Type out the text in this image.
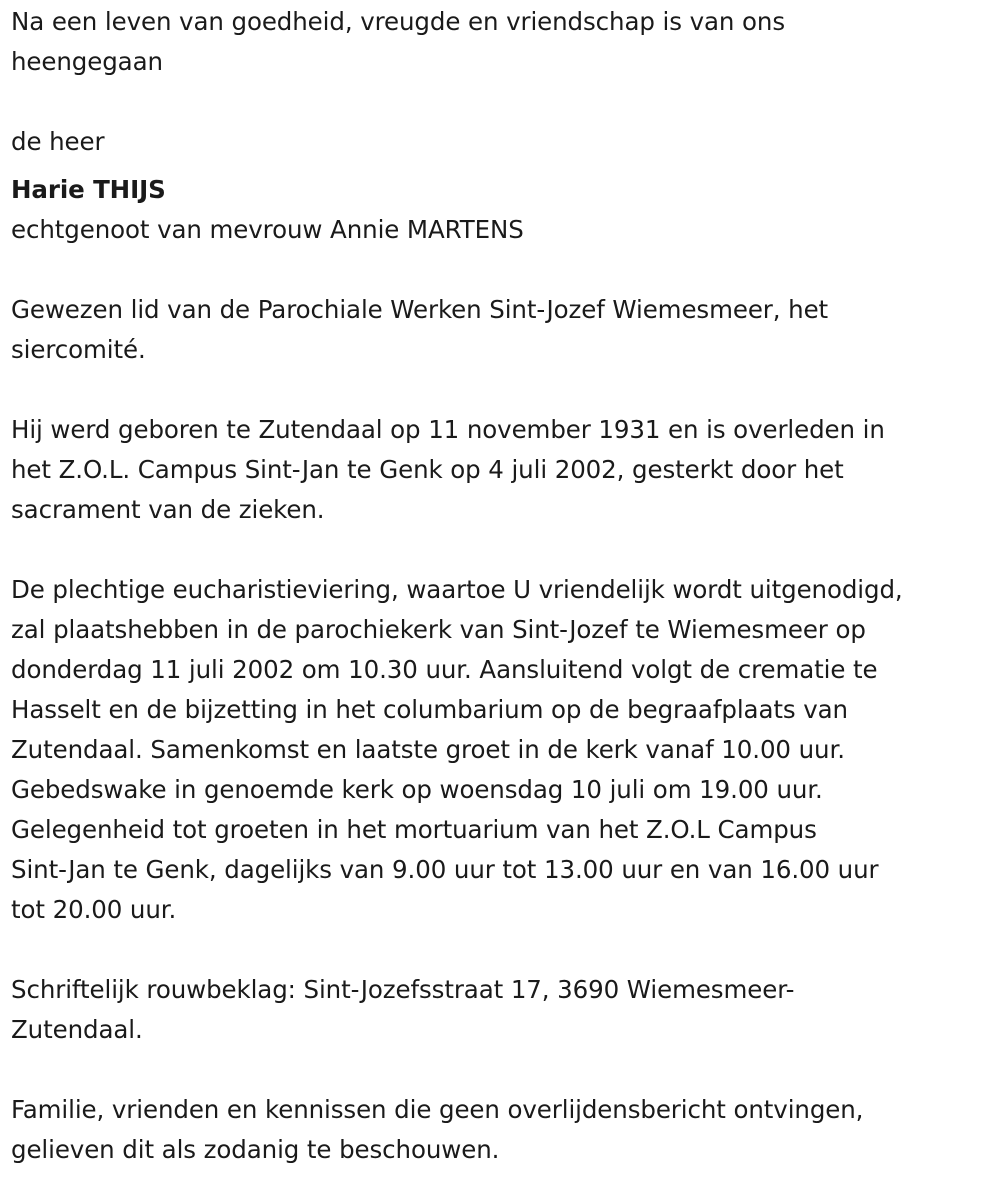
Na een leven van goedheid, vreugde en vriendschap is van ons
heengegaan

de heer

Harie THIJS

echtgenoot van mevrouw Annie MARTENS

Gewezen lid van de Parochiale Werken Sint-Jozef Wiemesmeer, het
siercomité.

Hij werd geboren te Zutendaal op 11 november 1931 en is overleden in
het Z.O.L. Campus Sint-Jan te Genk op 4 juli 2002, gesterkt door het
sacrament van de zieken.

De plechtige eucharistieviering, waartoe U vriendelijk wordt uitgenodigd,
zal plaatshebben in de parochiekerk van Sint-Jozef te Wiemesmeer op
donderdag 11 juli 2002 om 10.30 uur. Aansluitend volgt de crematie te
Hasselt en de bijzetting in het columbarium op de begraafplaats van
Zutendaal. Samenkomst en laatste groet in de kerk vanaf 10.00 uur.
Gebedswake in genoemde kerk op woensdag 10 juli om 19.00 uur.
Gelegenheid tot groeten in het mortuarium van het Z.O.L Campus
Sint-Jan te Genk, dagelijks van 9.00 uur tot 13.00 uur en van 16.00 uur
tot 20.00 uur.

Schriftelijk rouwbeklag: Sint-Jozefsstraat 17, 3690 Wiemesmeer-
Zutendaal.

Familie, vrienden en kennissen die geen overlijdensbericht ontvingen,
gelieven dit als zodanig te beschouwen.
